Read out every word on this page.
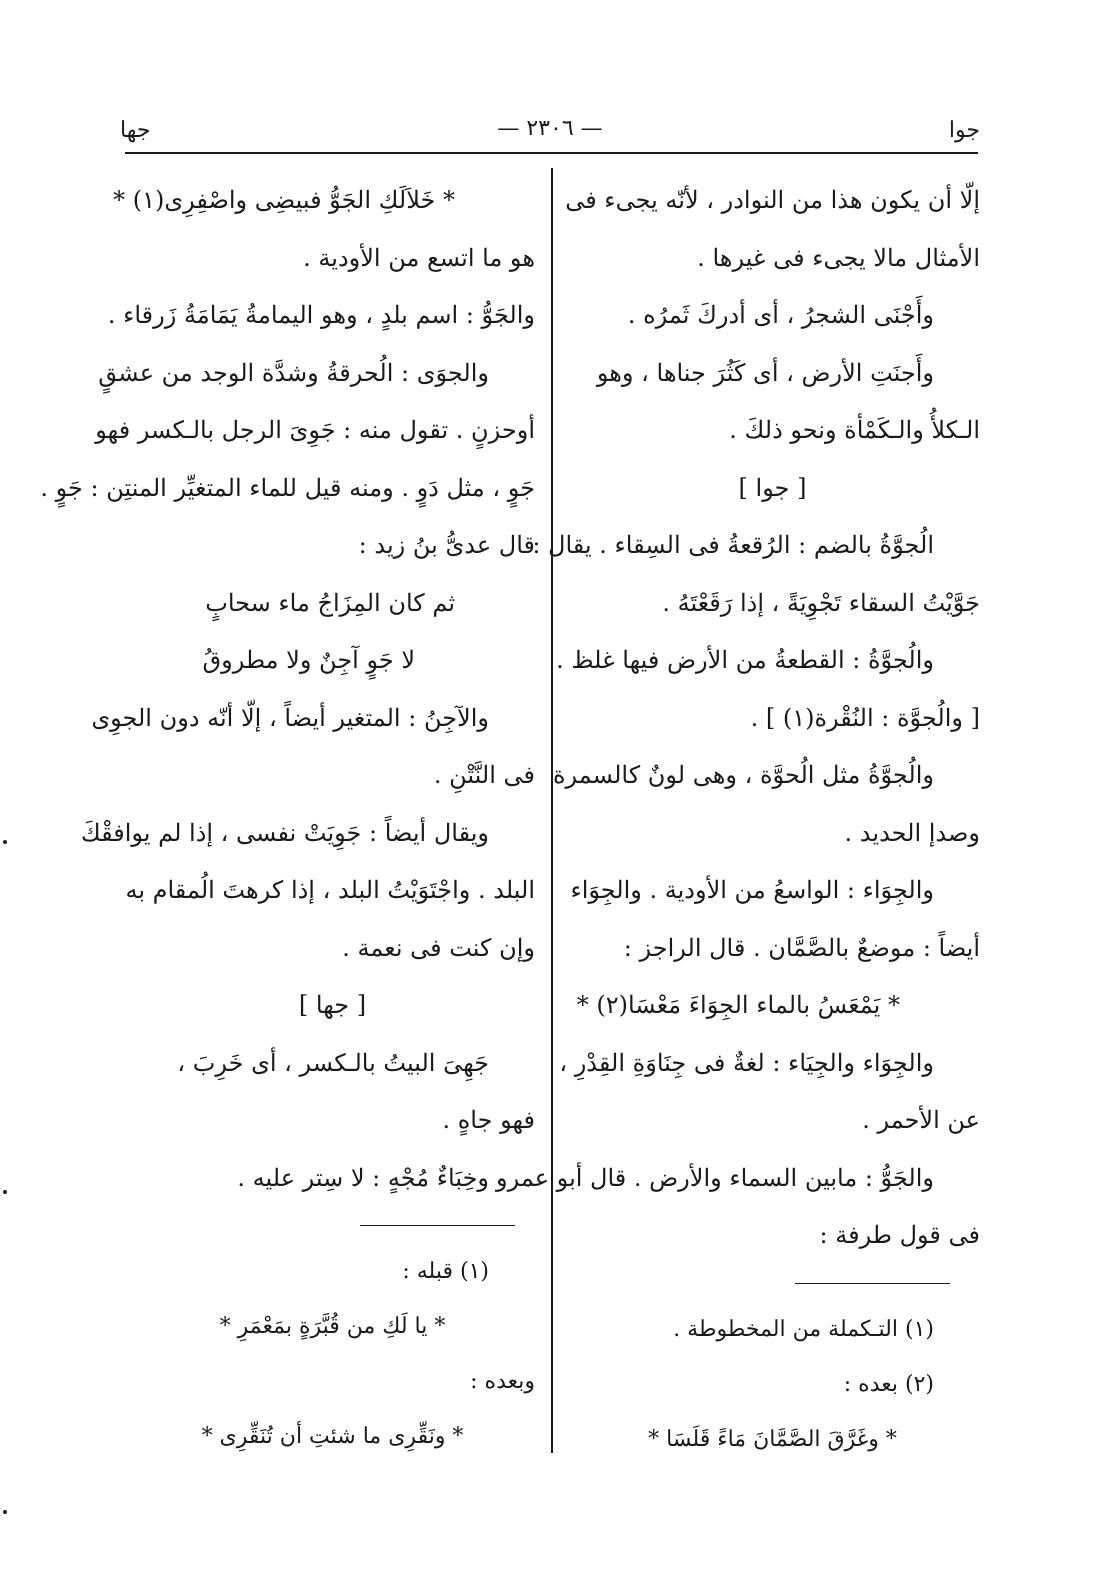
جوا
— ٢٣٠٦ —
جها
إلّا أن يكون هذا من النوادر ، لأنّه يجىء فى
الأمثال مالا يجىء فى غيرها .
وأَجْنَى الشجرُ ، أى أدركَ ثَمرُه .
وأَجنَتِ الأرض ، أى كَثُرَ جناها ، وهو
الـكلأُ والـكَمْأة ونحو ذلكَ .
[ جوا ]
الُجوَّةُ بالضم : الرُقعةُ فى السِقاء . يقال :
جَوَّيْتُ السقاء تَجْوِيَةً ، إذا رَقَعْتَهُ .
والُجوَّةُ : القطعةُ من الأرض فيها غلظ .
[ والُجوَّة : النُقْرة(١) ] .
والُجوَّةُ مثل الُحوَّة ، وهى لونٌ كالسمرة
وصدإ الحديد .
والجِوَاء : الواسعُ من الأودية . والجِوَاء
أيضاً : موضعٌ بالصَّمَّان . قال الراجز :
* يَمْعَسُ بالماء الجِوَاءَ مَعْسَا(٢) *
والجِوَاء والجِيَاء : لغةٌ فى جِنَاوَةِ القِدْرِ ،
عن الأحمر .
والجَوُّ : مابين السماء والأرض . قال أبو عمرو
فى قول طرفة :
(١) التـكملة من المخطوطة .
(٢) بعده :
* وغَرَّقَ الصَّمَّانَ مَاءً قَلَسَا *
* خَلاَلَكِ الجَوُّ فبيضِى واصْفِرِى(١) *
هو ما اتسع من الأودية .
والجَوُّ : اسم بلدٍ ، وهو اليمامةُ يَمَامَةُ زَرقاء .
والجوَى : الُحرقةُ وشدَّة الوجد من عشقٍ
أوحزنٍ . تقول منه : جَوِىَ الرجل بالـكسر فهو
جَوٍ ، مثل دَوٍ . ومنه قيل للماء المتغيِّر المنتِن : جَوٍ .
قال عدىُّ بنُ زيد :
ثم كان المِزَاجُ ماء سحابٍ
لا جَوٍ آجِنٌ ولا مطروقُ
والآجِنُ : المتغير أيضاً ، إلّا أنّه دون الجوِى
فى النَّتْنِ .
ويقال أيضاً : جَوِيَتْ نفسى ، إذا لم يوافقْكَ
البلد . واجْتَوَيْتُ البلد ، إذا كرهتَ الُمقام به
وإن كنت فى نعمة .
[ جها ]
جَهِىَ البيتُ بالـكسر ، أى خَرِبَ ،
فهو جاهٍ .
وخِبَاءٌ مُجْهٍ : لا سِتر عليه .
(١) قبله :
* يا لَكِ من قُبَّرَةٍ بمَعْمَرِ *
وبعده :
* ونَقِّرِى ما شئتِ أن تُنَقِّرِى *
